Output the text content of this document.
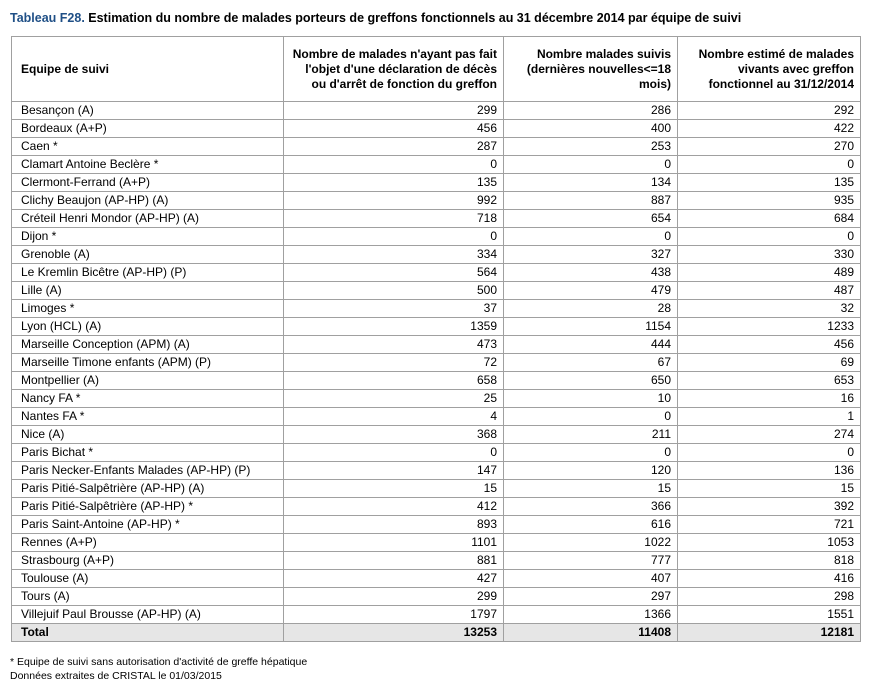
Tableau F28. Estimation du nombre de malades porteurs de greffons fonctionnels au 31 décembre 2014 par équipe de suivi
Equipe de suivi	Nombre de malades n'ayant pas fait l'objet d'une déclaration de décès ou d'arrêt de fonction du greffon	Nombre malades suivis (dernières nouvelles<=18 mois)	Nombre estimé de malades vivants avec greffon fonctionnel au 31/12/2014
Besançon (A)	299	286	292
Bordeaux (A+P)	456	400	422
Caen *	287	253	270
Clamart Antoine Beclère *	0	0	0
Clermont-Ferrand (A+P)	135	134	135
Clichy Beaujon (AP-HP) (A)	992	887	935
Créteil Henri Mondor (AP-HP) (A)	718	654	684
Dijon *	0	0	0
Grenoble (A)	334	327	330
Le Kremlin Bicêtre (AP-HP) (P)	564	438	489
Lille (A)	500	479	487
Limoges *	37	28	32
Lyon (HCL) (A)	1359	1154	1233
Marseille Conception (APM) (A)	473	444	456
Marseille Timone enfants (APM) (P)	72	67	69
Montpellier (A)	658	650	653
Nancy FA *	25	10	16
Nantes FA *	4	0	1
Nice (A)	368	211	274
Paris Bichat *	0	0	0
Paris Necker-Enfants Malades (AP-HP) (P)	147	120	136
Paris Pitié-Salpêtrière (AP-HP) (A)	15	15	15
Paris Pitié-Salpêtrière (AP-HP) *	412	366	392
Paris Saint-Antoine (AP-HP) *	893	616	721
Rennes (A+P)	1101	1022	1053
Strasbourg (A+P)	881	777	818
Toulouse (A)	427	407	416
Tours (A)	299	297	298
Villejuif Paul Brousse (AP-HP) (A)	1797	1366	1551
Total	13253	11408	12181
* Equipe de suivi sans autorisation d'activité de greffe hépatique
Données extraites de CRISTAL le 01/03/2015
